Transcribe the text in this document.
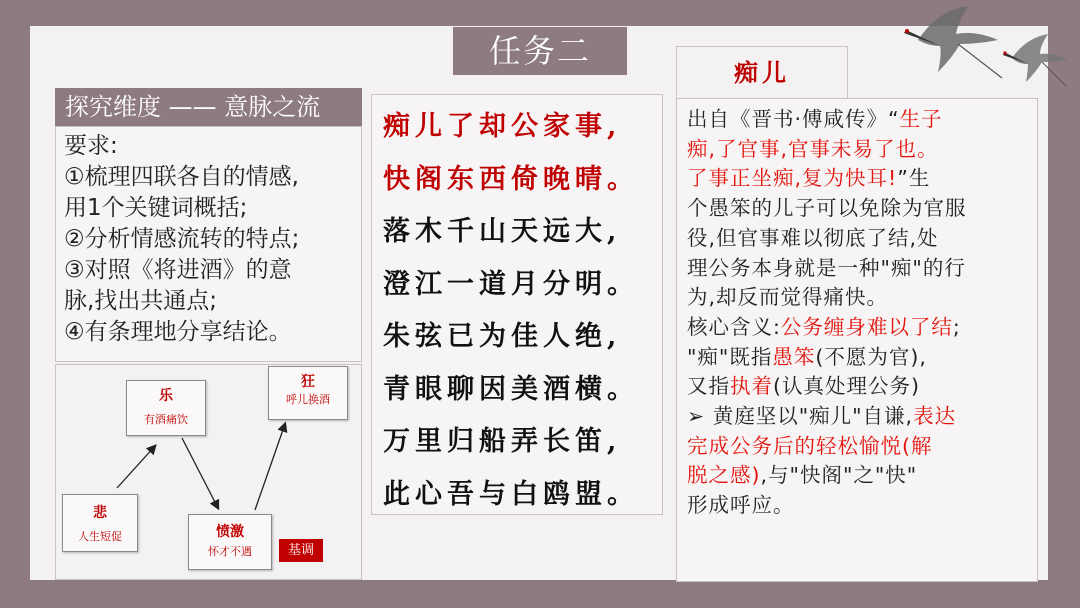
任务二
探究维度 —— 意脉之流
要求:
①梳理四联各自的情感,
用1个关键词概括;
②分析情感流转的特点;
③对照《将进酒》的意
脉,找出共通点;
④有条理地分享结论。
乐
有酒痛饮
狂
呼儿换酒
悲
人生短促	愤激
怀才不遇	基调
痴儿了却公家事,
快阁东西倚晚晴。
落木千山天远大,
澄江一道月分明。
朱弦已为佳人绝,
青眼聊因美酒横。
万里归船弄长笛,
此心吾与白鸥盟。
痴儿
出自《晋书·傅咸传》“生子
痴,了官事,官事未易了也。
了事正坐痴,复为快耳!”生
个愚笨的儿子可以免除为官服
役,但官事难以彻底了结,处
理公务本身就是一种"痴"的行
为,却反而觉得痛快。
核心含义:公务缠身难以了结;
"痴"既指愚笨(不愿为官),
又指执着(认真处理公务)
➢ 黄庭坚以"痴儿"自谦,表达
完成公务后的轻松愉悦(解
脱之感),与"快阁"之"快"
形成呼应。
